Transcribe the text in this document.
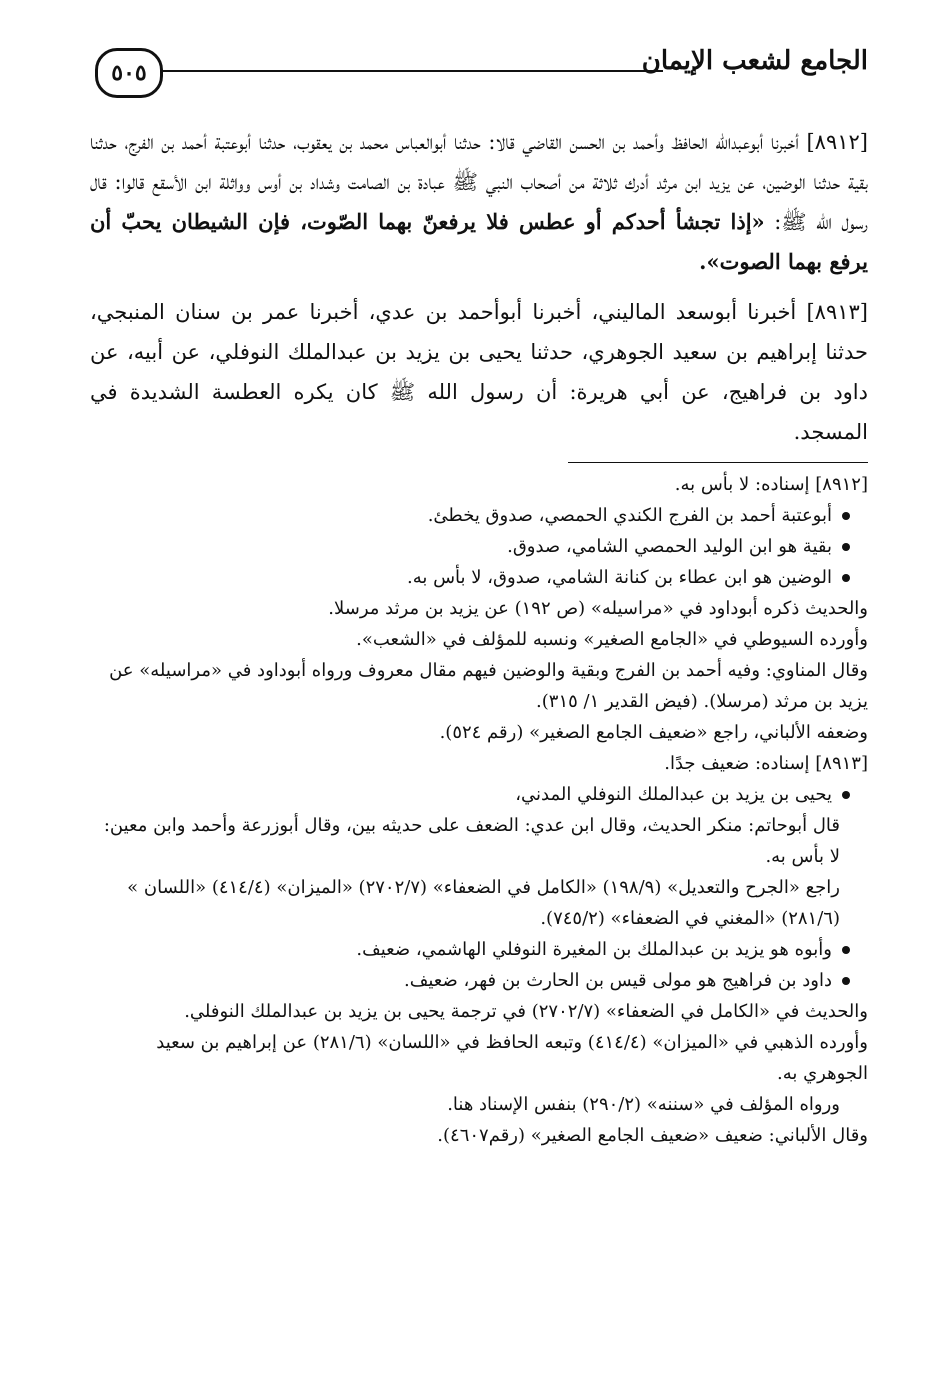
الجامع لشعب الإيمان
٥٠٥

[٨٩١٢] أخبرنا أبوعبدالله الحافظ وأحمد بن الحسن القاضي قالا: حدثنا أبوالعباس محمد بن يعقوب، حدثنا أبوعتبة أحمد بن الفرج، حدثنا بقية حدثنا الوضين، عن يزيد ابن مرثد أدرك ثلاثة من أصحاب النبي ﷺ عبادة بن الصامت وشداد بن أوس وواثلة ابن الأسقع قالوا: قال رسول الله ﷺ: «إذا تجشأ أحدكم أو عطس فلا يرفعنّ بهما الصّوت، فإن الشيطان يحبّ أن يرفع بهما الصوت».

[٨٩١٣] أخبرنا أبوسعد الماليني، أخبرنا أبوأحمد بن عدي، أخبرنا عمر بن سنان المنبجي، حدثنا إبراهيم بن سعيد الجوهري، حدثنا يحيى بن يزيد بن عبدالملك النوفلي، عن أبيه، عن داود بن فراهيج، عن أبي هريرة: أن رسول الله ﷺ كان يكره العطسة الشديدة في المسجد.

[٨٩١٢] إسناده: لا بأس به.

أبوعتبة أحمد بن الفرج الكندي الحمصي، صدوق يخطئ.
بقية هو ابن الوليد الحمصي الشامي، صدوق.
الوضين هو ابن عطاء بن كنانة الشامي، صدوق، لا بأس به.

والحديث ذكره أبوداود في «مراسيله» (ص ١٩٢) عن يزيد بن مرثد مرسلا.

وأورده السيوطي في «الجامع الصغير» ونسبه للمؤلف في «الشعب».

وقال المناوي: وفيه أحمد بن الفرج وبقية والوضين فيهم مقال معروف ورواه أبوداود في «مراسيله» عن يزيد بن مرثد (مرسلا). (فيض القدير ١/ ٣١٥).

وضعفه الألباني، راجع «ضعيف الجامع الصغير» (رقم ٥٢٤).

[٨٩١٣] إسناده: ضعيف جدًا.

يحيى بن يزيد بن عبدالملك النوفلي المدني،

قال أبوحاتم: منكر الحديث، وقال ابن عدي: الضعف على حديثه بين، وقال أبوزرعة وأحمد وابن معين: لا بأس به.

راجع «الجرح والتعديل» (١٩٨/٩) «الكامل في الضعفاء» (٢٧٠٢/٧) «الميزان» (٤١٤/٤) «اللسان » (٢٨١/٦) «المغني في الضعفاء» (٧٤٥/٢).

وأبوه هو يزيد بن عبدالملك بن المغيرة النوفلي الهاشمي، ضعيف.
داود بن فراهيج هو مولى قيس بن الحارث بن فهر، ضعيف.

والحديث في «الكامل في الضعفاء» (٢٧٠٢/٧) في ترجمة يحيى بن يزيد بن عبدالملك النوفلي.

وأورده الذهبي في «الميزان» (٤١٤/٤) وتبعه الحافظ في «اللسان» (٢٨١/٦) عن إبراهيم بن سعيد الجوهري به.

ورواه المؤلف في «سننه» (٢٩٠/٢) بنفس الإسناد هنا.

وقال الألباني: ضعيف «ضعيف الجامع الصغير» (رقم٤٦٠٧).
